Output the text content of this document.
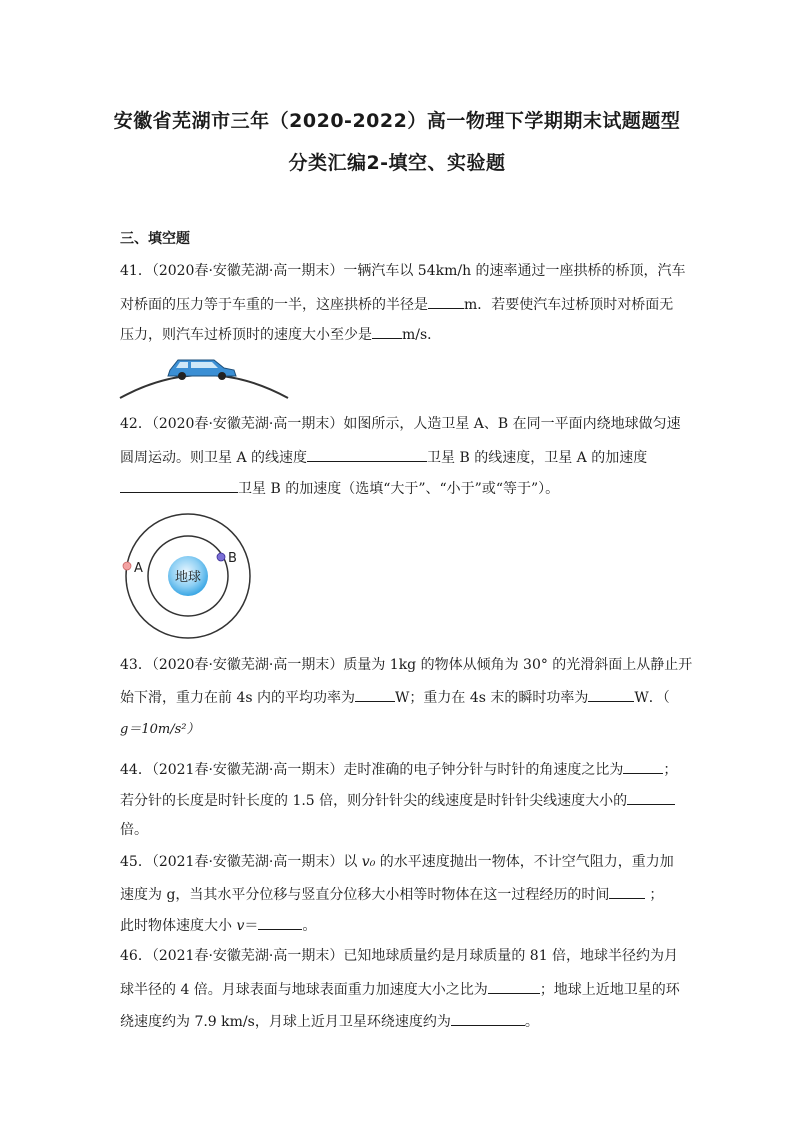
安徽省芜湖市三年（2020-2022）高一物理下学期期末试题题型
分类汇编2-填空、实验题
三、填空题
41．（2020春·安徽芜湖·高一期末）一辆汽车以 54km/h 的速率通过一座拱桥的桥顶，汽车
对桥面的压力等于车重的一半，这座拱桥的半径是	m．若要使汽车过桥顶时对桥面无
压力，则汽车过桥顶时的速度大小至少是 m/s．
42．（2020春·安徽芜湖·高一期末）如图所示，人造卫星 A、B 在同一平面内绕地球做匀速
圆周运动。则卫星 A 的线速度	卫星 B 的线速度，卫星 A 的加速度
卫星 B 的加速度（选填“大于”、“小于”或“等于”）。
地球
A
B
43．（2020春·安徽芜湖·高一期末）质量为 1kg 的物体从倾角为 30° 的光滑斜面上从静止开
始下滑，重力在前 4s 内的平均功率为	W；重力在 4s 末的瞬时功率为	W．（
g＝10m/s²）
44．（2021春·安徽芜湖·高一期末）走时准确的电子钟分针与时针的角速度之比为	；
若分针的长度是时针长度的 1.5 倍，则分针针尖的线速度是时针针尖线速度大小的
倍。
45．（2021春·安徽芜湖·高一期末）以 v₀ 的水平速度抛出一物体，不计空气阻力，重力加
速度为 g，当其水平分位移与竖直分位移大小相等时物体在这一过程经历的时间	；
此时物体速度大小 v＝	。
46．（2021春·安徽芜湖·高一期末）已知地球质量约是月球质量的 81 倍，地球半径约为月
球半径的 4 倍。月球表面与地球表面重力加速度大小之比为	；地球上近地卫星的环
绕速度约为 7.9 km/s，月球上近月卫星环绕速度约为	。
